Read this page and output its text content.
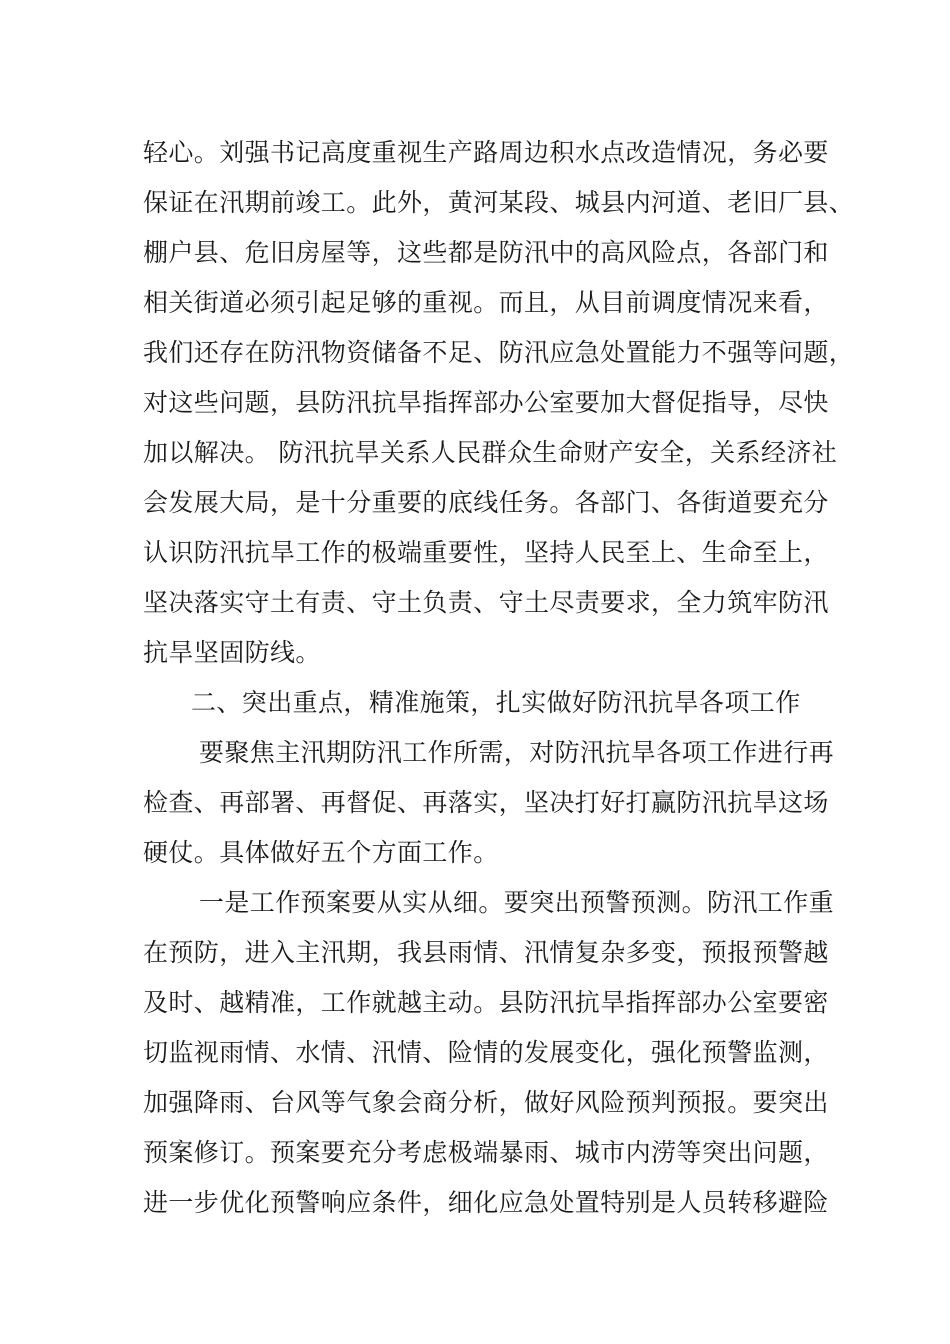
轻心。刘强书记高度重视生产路周边积水点改造情况，务必要
保证在汛期前竣工。此外，黄河某段、城县内河道、老旧厂县、
棚户县、危旧房屋等，这些都是防汛中的高风险点，各部门和
相关街道必须引起足够的重视。而且，从目前调度情况来看，
我们还存在防汛物资储备不足、防汛应急处置能力不强等问题，
对这些问题，县防汛抗旱指挥部办公室要加大督促指导，尽快
加以解决。 防汛抗旱关系人民群众生命财产安全，关系经济社
会发展大局，是十分重要的底线任务。各部门、各街道要充分
认识防汛抗旱工作的极端重要性，坚持人民至上、生命至上，
坚决落实守土有责、守土负责、守土尽责要求，全力筑牢防汛
抗旱坚固防线。
二、突出重点，精准施策，扎实做好防汛抗旱各项工作
要聚焦主汛期防汛工作所需，对防汛抗旱各项工作进行再
检查、再部署、再督促、再落实，坚决打好打赢防汛抗旱这场
硬仗。具体做好五个方面工作。
一是工作预案要从实从细。要突出预警预测。防汛工作重
在预防，进入主汛期，我县雨情、汛情复杂多变，预报预警越
及时、越精准，工作就越主动。县防汛抗旱指挥部办公室要密
切监视雨情、水情、汛情、险情的发展变化，强化预警监测，
加强降雨、台风等气象会商分析，做好风险预判预报。要突出
预案修订。预案要充分考虑极端暴雨、城市内涝等突出问题，
进一步优化预警响应条件，细化应急处置特别是人员转移避险
